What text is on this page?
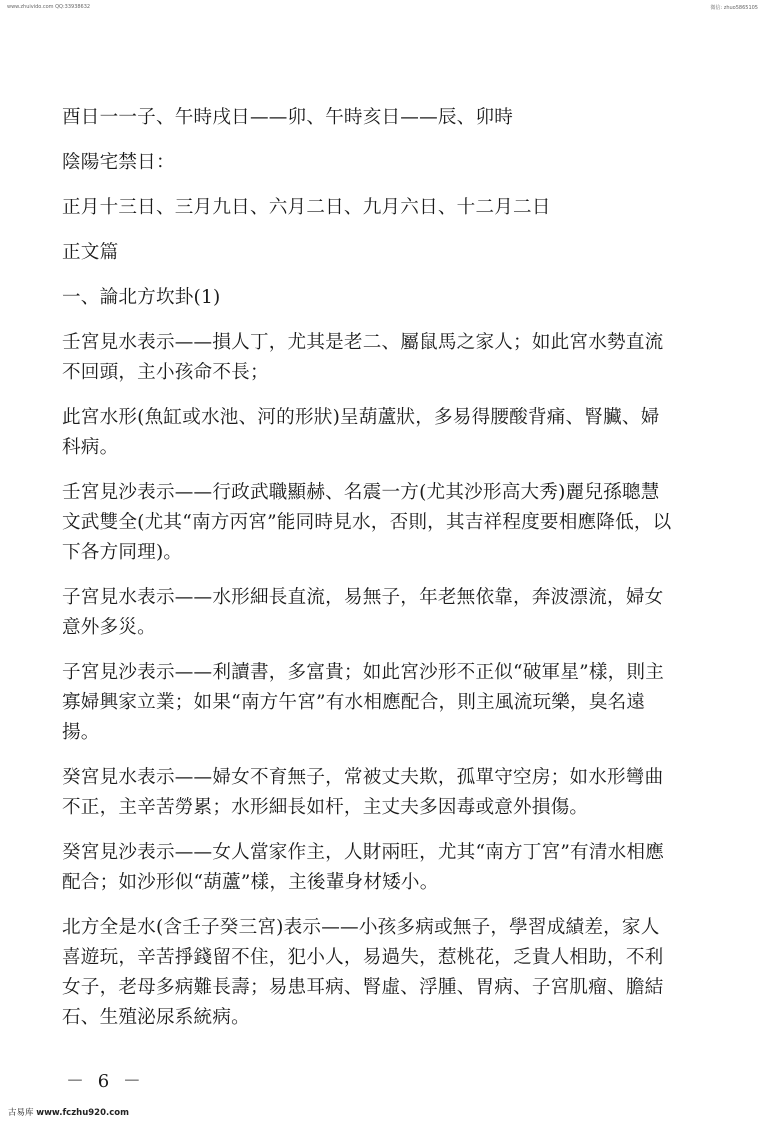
www.zhuivido.com QQ:33938632	微信: zhuo5865105

酉日一一子、午時戌日——卯、午時亥日——辰、卯時

陰陽宅禁日：

正月十三日、三月九日、六月二日、九月六日、十二月二日

正文篇

一、論北方坎卦(1)

壬宮見水表示——損人丁，尤其是老二、屬鼠馬之家人；如此宮水勢直流不回頭，主小孩命不長；

此宮水形(魚缸或水池、河的形狀)呈葫蘆狀，多易得腰酸背痛、腎臟、婦科病。

壬宮見沙表示——行政武職顯赫、名震一方(尤其沙形高大秀)麗兒孫聰慧文武雙全(尤其“南方丙宮”能同時見水，否則，其吉祥程度要相應降低，以下各方同理)。

子宮見水表示——水形細長直流，易無子，年老無依靠，奔波漂流，婦女意外多災。

子宮見沙表示——利讀書，多富貴；如此宮沙形不正似“破軍星”樣，則主寡婦興家立業；如果“南方午宮”有水相應配合，則主風流玩樂，臭名遠揚。

癸宮見水表示——婦女不育無子，常被丈夫欺，孤單守空房；如水形彎曲不正，主辛苦勞累；水形細長如杆，主丈夫多因毒或意外損傷。

癸宮見沙表示——女人當家作主，人財兩旺，尤其“南方丁宮”有清水相應配合；如沙形似“葫蘆”樣，主後輩身材矮小。

北方全是水(含壬子癸三宮)表示——小孩多病或無子，學習成績差，家人喜遊玩，辛苦掙錢留不住，犯小人，易過失，惹桃花，乏貴人相助，不利女子，老母多病難長壽；易患耳病、腎虛、浮腫、胃病、子宮肌瘤、膽結石、生殖泌尿系統病。

－ 6 －
古易库 www.fczhu920.com
